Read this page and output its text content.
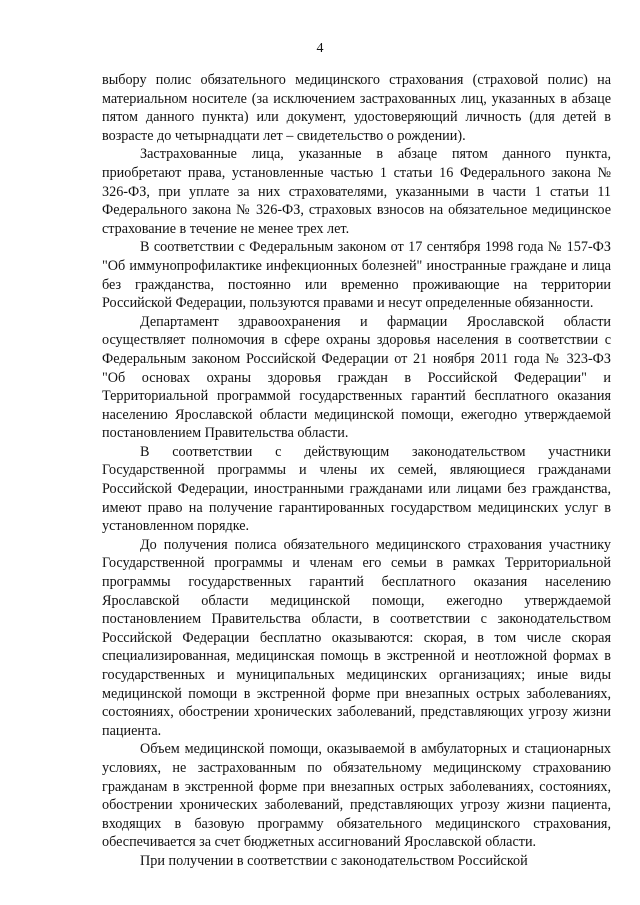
4

выбору полис обязательного медицинского страхования (страховой полис) на материальном носителе (за исключением застрахованных лиц, указанных в абзаце пятом данного пункта) или документ, удостоверяющий личность (для детей в возрасте до четырнадцати лет – свидетельство о рождении).

Застрахованные лица, указанные в абзаце пятом данного пункта, приобретают права, установленные частью 1 статьи 16 Федерального закона № 326-ФЗ, при уплате за них страхователями, указанными в части 1 статьи 11 Федерального закона № 326-ФЗ, страховых взносов на обязательное медицинское страхование в течение не менее трех лет.

В соответствии с Федеральным законом от 17 сентября 1998 года № 157-ФЗ "Об иммунопрофилактике инфекционных болезней" иностранные граждане и лица без гражданства, постоянно или временно проживающие на территории Российской Федерации, пользуются правами и несут определенные обязанности.

Департамент здравоохранения и фармации Ярославской области осуществляет полномочия в сфере охраны здоровья населения в соответствии с Федеральным законом Российской Федерации от 21 ноября 2011 года № 323-ФЗ "Об основах охраны здоровья граждан в Российской Федерации" и Территориальной программой государственных гарантий бесплатного оказания населению Ярославской области медицинской помощи, ежегодно утверждаемой постановлением Правительства области.

В соответствии с действующим законодательством участники Государственной программы и члены их семей, являющиеся гражданами Российской Федерации, иностранными гражданами или лицами без гражданства, имеют право на получение гарантированных государством медицинских услуг в установленном порядке.

До получения полиса обязательного медицинского страхования участнику Государственной программы и членам его семьи в рамках Территориальной программы государственных гарантий бесплатного оказания населению Ярославской области медицинской помощи, ежегодно утверждаемой постановлением Правительства области, в соответствии с законодательством Российской Федерации бесплатно оказываются: скорая, в том числе скорая специализированная, медицинская помощь в экстренной и неотложной формах в государственных и муниципальных медицинских организациях; иные виды медицинской помощи в экстренной форме при внезапных острых заболеваниях, состояниях, обострении хронических заболеваний, представляющих угрозу жизни пациента.

Объем медицинской помощи, оказываемой в амбулаторных и стационарных условиях, не застрахованным по обязательному медицинскому страхованию гражданам в экстренной форме при внезапных острых заболеваниях, состояниях, обострении хронических заболеваний, представляющих угрозу жизни пациента, входящих в базовую программу обязательного медицинского страхования, обеспечивается за счет бюджетных ассигнований Ярославской области.

При получении в соответствии с законодательством Российской
